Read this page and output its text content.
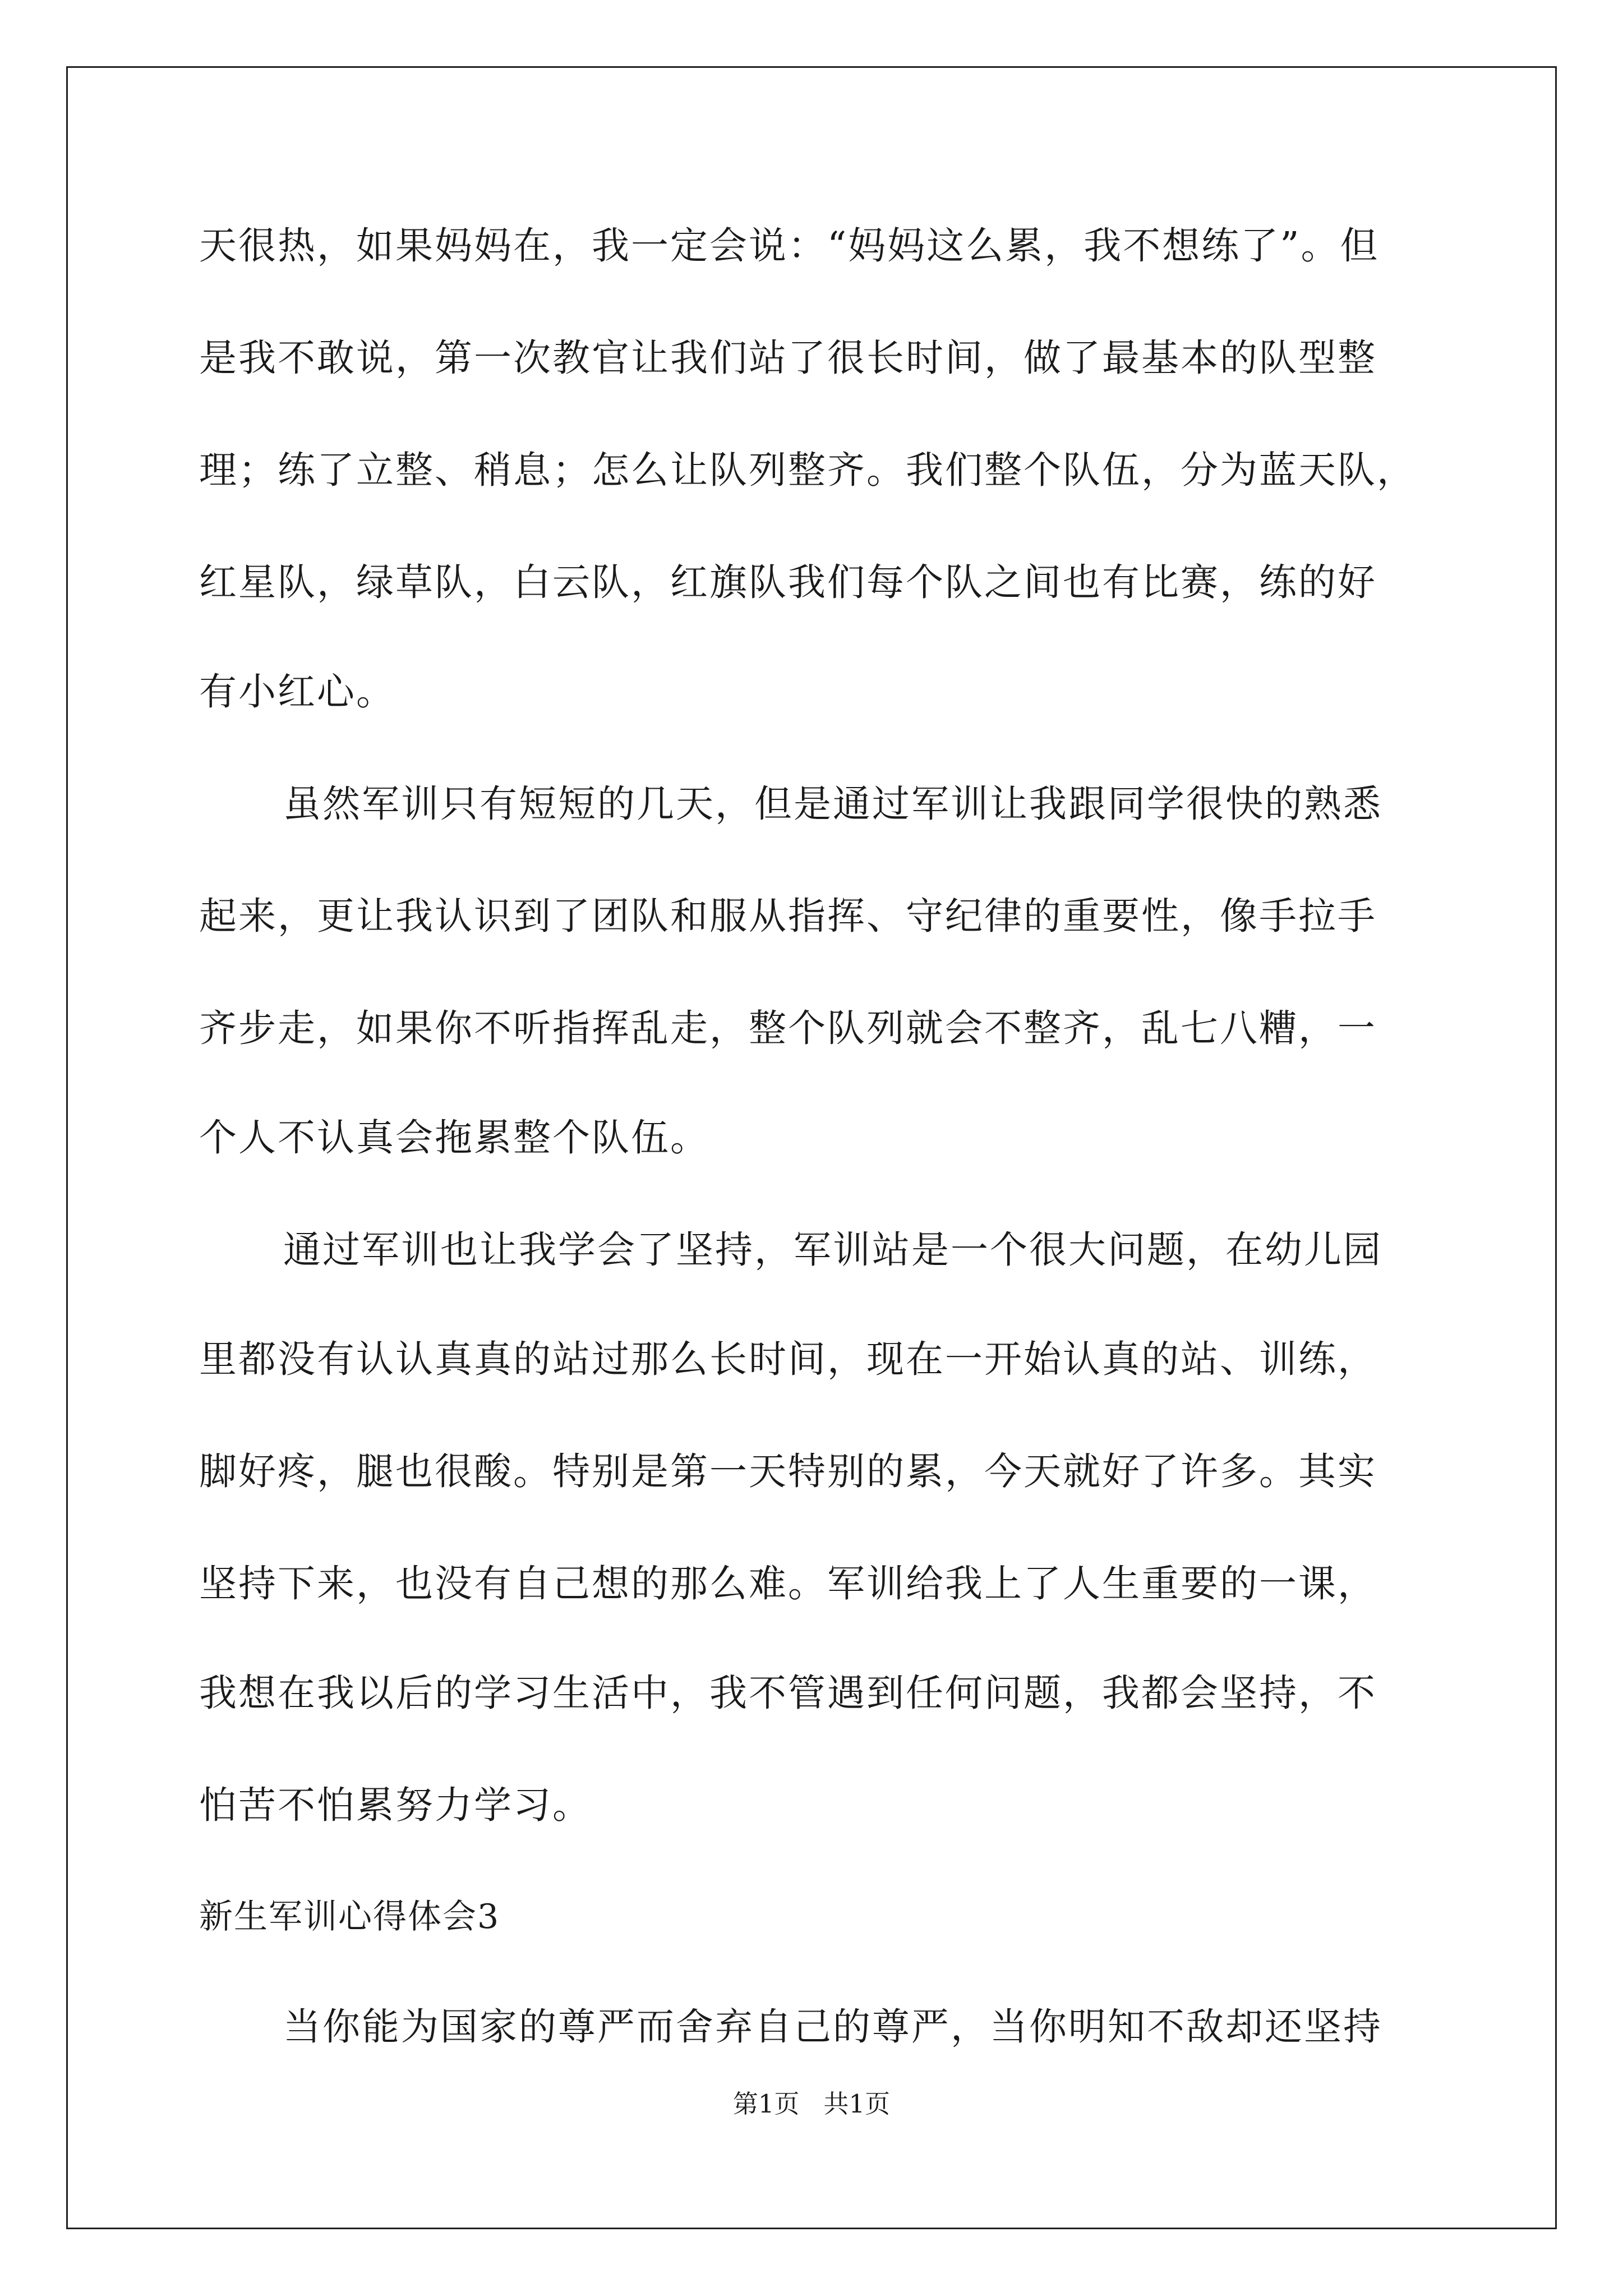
天很热，如果妈妈在，我一定会说：“妈妈这么累，我不想练了”。但
是我不敢说，第一次教官让我们站了很长时间，做了最基本的队型整
理；练了立整、稍息；怎么让队列整齐。我们整个队伍，分为蓝天队，
红星队，绿草队，白云队，红旗队我们每个队之间也有比赛，练的好
有小红心。
虽然军训只有短短的几天，但是通过军训让我跟同学很快的熟悉
起来，更让我认识到了团队和服从指挥、守纪律的重要性，像手拉手
齐步走，如果你不听指挥乱走，整个队列就会不整齐，乱七八糟，一
个人不认真会拖累整个队伍。
通过军训也让我学会了坚持，军训站是一个很大问题，在幼儿园
里都没有认认真真的站过那么长时间，现在一开始认真的站、训练，
脚好疼，腿也很酸。特别是第一天特别的累，今天就好了许多。其实
坚持下来，也没有自己想的那么难。军训给我上了人生重要的一课，
我想在我以后的学习生活中，我不管遇到任何问题，我都会坚持，不
怕苦不怕累努力学习。
新生军训心得体会3
当你能为国家的尊严而舍弃自己的尊严，当你明知不敌却还坚持
第1页   共1页
